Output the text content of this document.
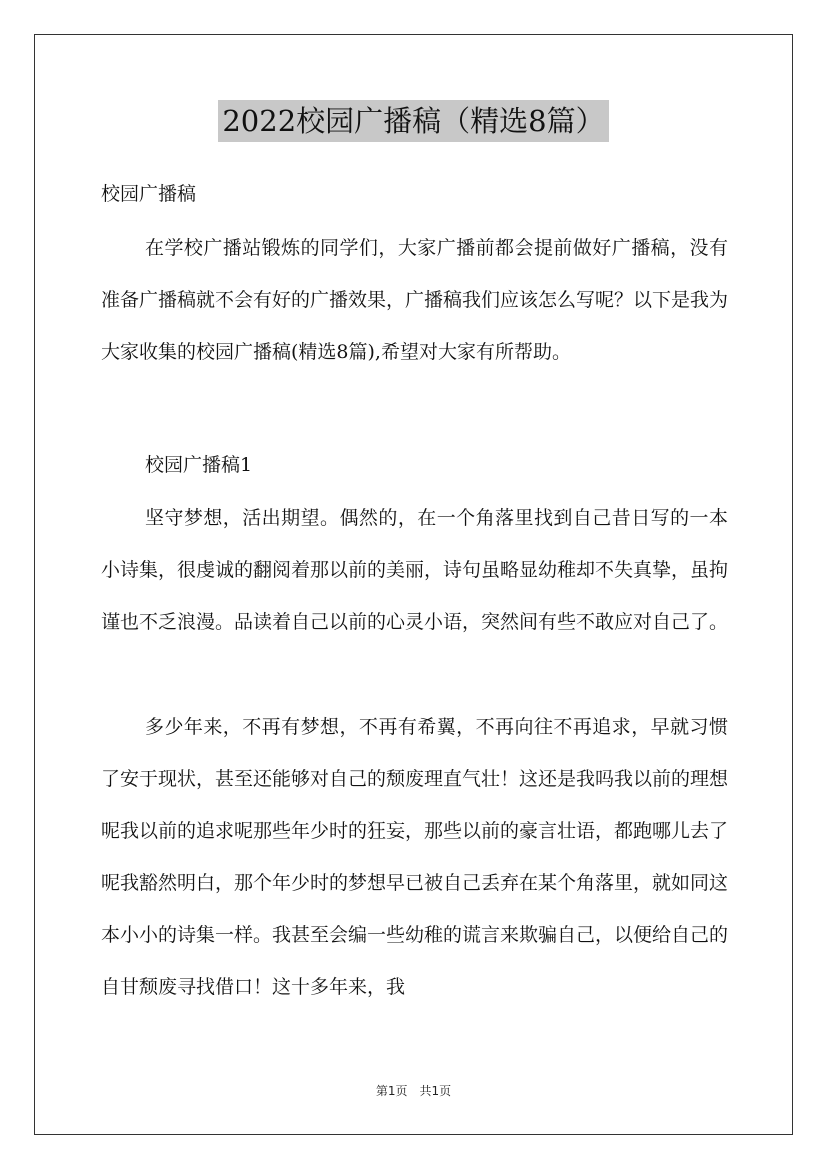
2022校园广播稿（精选8篇）
校园广播稿

在学校广播站锻炼的同学们，大家广播前都会提前做好广播稿，没有准备广播稿就不会有好的广播效果，广播稿我们应该怎么写呢？以下是我为大家收集的校园广播稿(精选8篇),希望对大家有所帮助。

校园广播稿1

坚守梦想，活出期望。偶然的，在一个角落里找到自己昔日写的一本小诗集，很虔诚的翻阅着那以前的美丽，诗句虽略显幼稚却不失真挚，虽拘谨也不乏浪漫。品读着自己以前的心灵小语，突然间有些不敢应对自己了。

多少年来，不再有梦想，不再有希翼，不再向往不再追求，早就习惯了安于现状，甚至还能够对自己的颓废理直气壮！这还是我吗我以前的理想呢我以前的追求呢那些年少时的狂妄，那些以前的豪言壮语，都跑哪儿去了呢我豁然明白，那个年少时的梦想早已被自己丢弃在某个角落里，就如同这本小小的诗集一样。我甚至会编一些幼稚的谎言来欺骗自己，以便给自己的自甘颓废寻找借口！这十多年来，我

第1页　共1页
